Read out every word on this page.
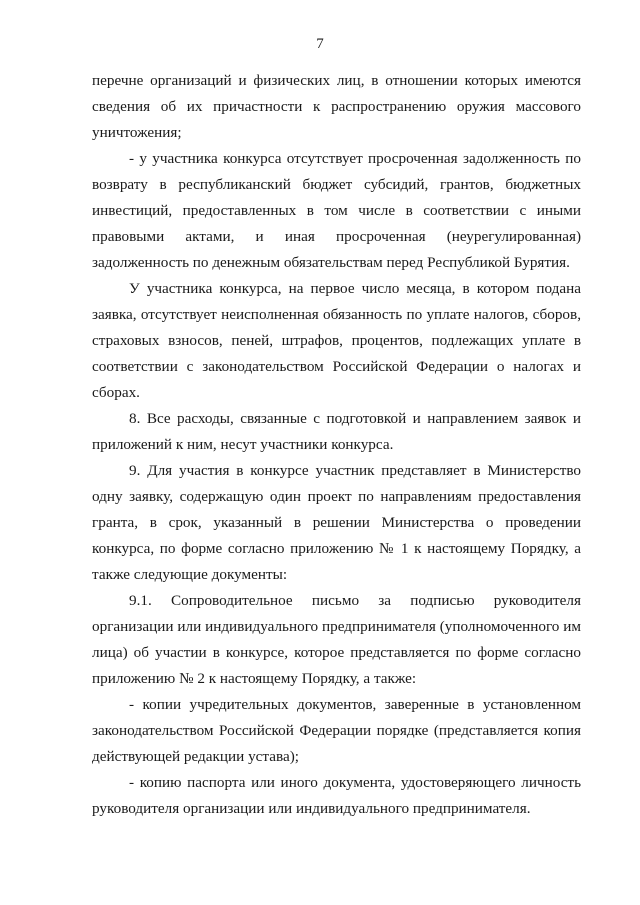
7

перечне организаций и физических лиц, в отношении которых имеются сведения об их причастности к распространению оружия массового уничтожения;

- у участника конкурса отсутствует просроченная задолженность по возврату в республиканский бюджет субсидий, грантов, бюджетных инвестиций, предоставленных в том числе в соответствии с иными правовыми актами, и иная просроченная (неурегулированная) задолженность по денежным обязательствам перед Республикой Бурятия.

У участника конкурса, на первое число месяца, в котором подана заявка, отсутствует неисполненная обязанность по уплате налогов, сборов, страховых взносов, пеней, штрафов, процентов, подлежащих уплате в соответствии с законодательством Российской Федерации о налогах и сборах.

8. Все расходы, связанные с подготовкой и направлением заявок и приложений к ним, несут участники конкурса.

9. Для участия в конкурсе участник представляет в Министерство одну заявку, содержащую один проект по направлениям предоставления гранта, в срок, указанный в решении Министерства о проведении конкурса, по форме согласно приложению № 1 к настоящему Порядку, а также следующие документы:

9.1. Сопроводительное письмо за подписью руководителя организации или индивидуального предпринимателя (уполномоченного им лица) об участии в конкурсе, которое представляется по форме согласно приложению № 2 к настоящему Порядку, а также:

- копии учредительных документов, заверенные в установленном законодательством Российской Федерации порядке (представляется копия действующей редакции устава);

- копию паспорта или иного документа, удостоверяющего личность руководителя организации или индивидуального предпринимателя.
